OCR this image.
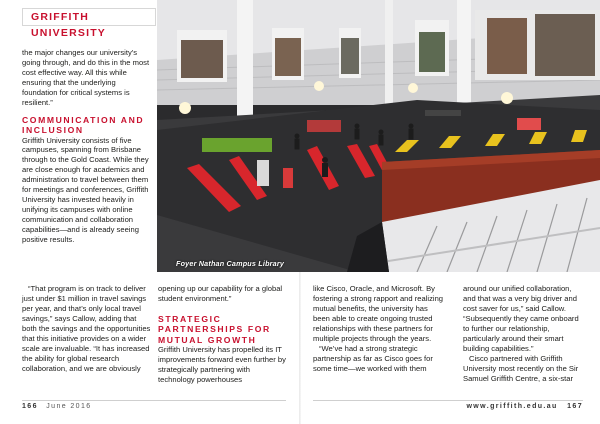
GRIFFITH UNIVERSITY

the major changes our university’s going through, and do this in the most cost effective way. All this while ensuring that the underlying foundation for critical systems is resilient.”

COMMUNICATION AND INCLUSION

Griffith University consists of five campuses, spanning from Brisbane through to the Gold Coast. While they are close enough for academics and administration to travel between them for meetings and conferences, Griffith University has invested heavily in unifying its campuses with online communication and collaboration capabilities—and is already seeing positive results.

“That program is on track to deliver just under $1 million in travel savings per year, and that’s only local travel savings,” says Callow, adding that both the savings and the opportunities that this initiative provides on a wider scale are invaluable. “It has increased the ability for global research collaboration, and we are obviously

opening up our capability for a global student environment.”

STRATEGIC PARTNERSHIPS FOR MUTUAL GROWTH

Griffith University has propelled its IT improvements forward even further by strategically partnering with technology powerhouses

like Cisco, Oracle, and Microsoft. By fostering a strong rapport and realizing mutual benefits, the university has been able to create ongoing trusted relationships with these partners for multiple projects through the years.

“We’ve had a strong strategic partnership as far as Cisco goes for some time—we worked with them

around our unified collaboration, and that was a very big driver and cost saver for us,” said Callow. “Subsequently they came onboard to further our relationship, particularly around their smart building capabilities.”

Cisco partnered with Griffith University most recently on the Sir Samuel Griffith Centre, a six-star

Foyer Nathan Campus Library
166 June 2016	www.griffith.edu.au 167
